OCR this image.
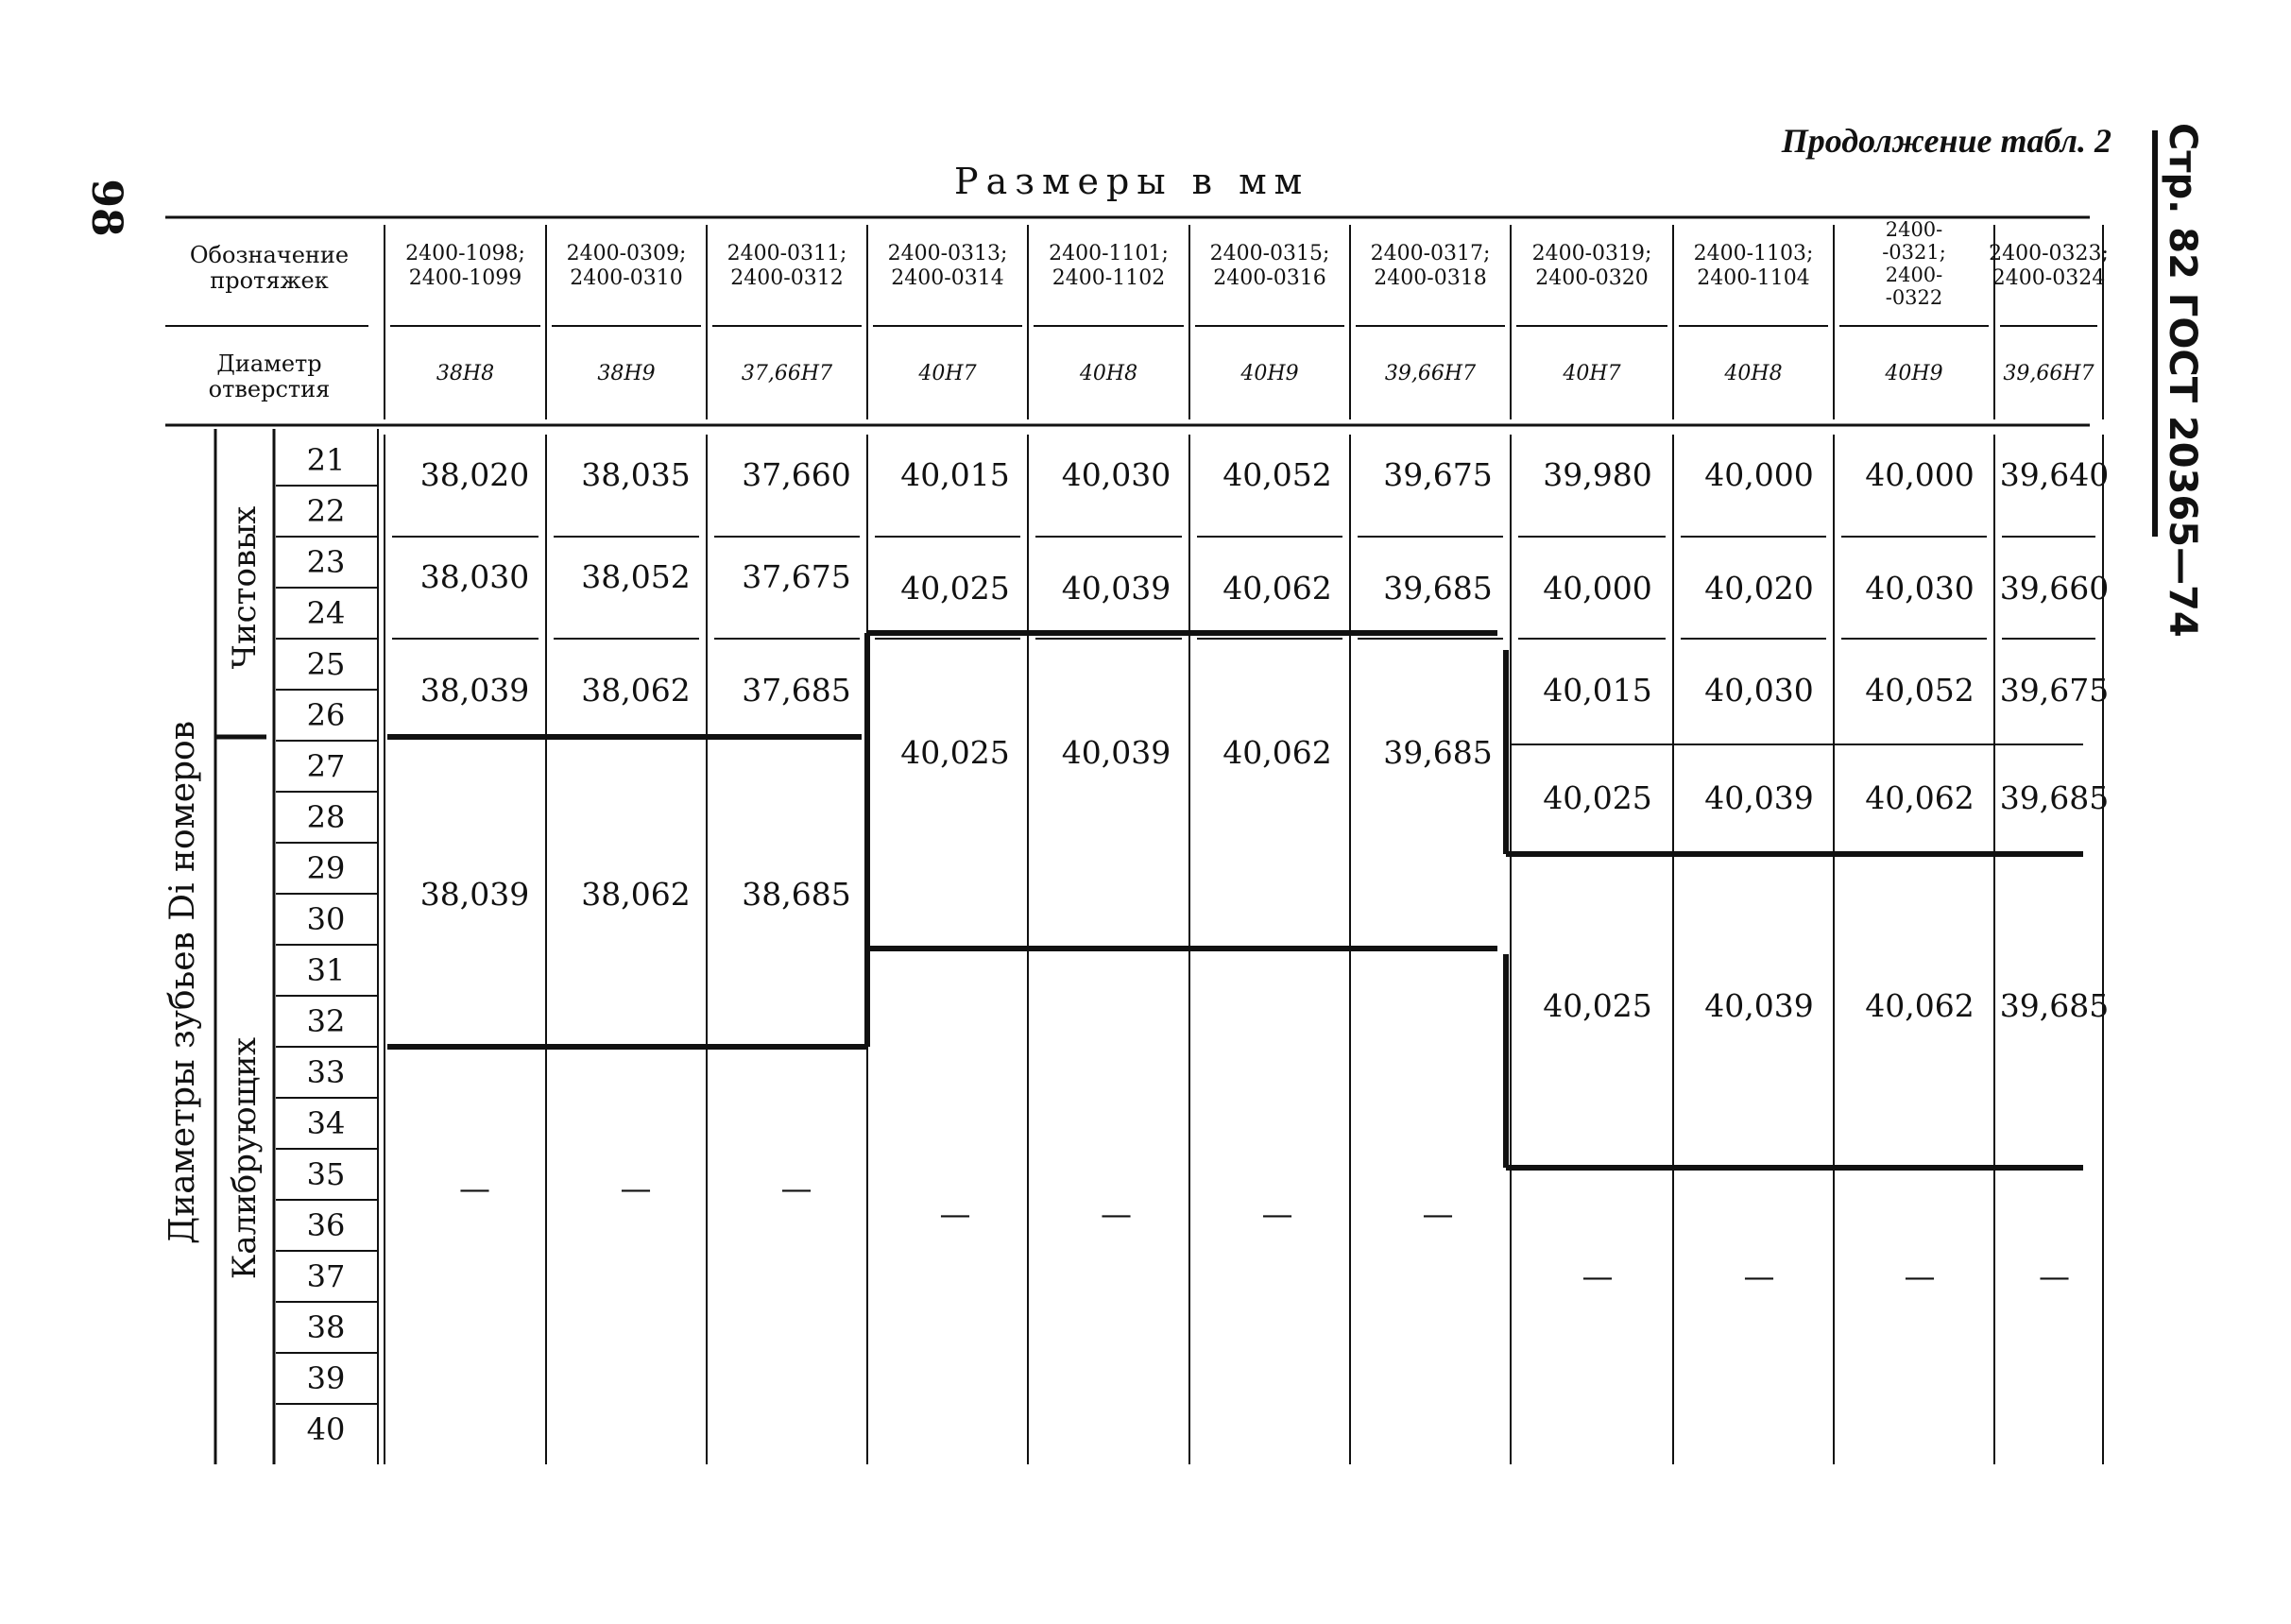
98
Продолжение табл. 2
Размеры в мм	Стр. 82 ГОСТ 20365—74
Обозначение
протяжек
Диаметр
отверстия
2400-1098;
2400-1099
38H8
2400-0309;
2400-0310
38H9
2400-0311;
2400-0312
37,66H7
2400-0313;
2400-0314
40H7
2400-1101;
2400-1102
40H8
2400-0315;
2400-0316
40H9
2400-0317;
2400-0318
39,66H7
2400-0319;
2400-0320
40H7
2400-1103;
2400-1104
40H8
2400-
-0321;
2400-
-0322
40H9
2400-0323;
2400-0324
39,66H7
Диаметры зубьев Di номеров
Чистовых
Калибрующих
21
22
23
24
25
26
27
28
29
30
31
32
33
34
35
36
37
38
39
40
38,020
38,030
38,039
38,039
—
38,035
38,052
38,062
38,062
—
37,660
37,675
37,685
38,685
—
40,015
40,025
40,025
—
40,030
40,039
40,039
—
40,052
40,062
40,062
—
39,675
39,685
39,685
—
39,980
40,000
40,015
40,025
40,025
—
40,000
40,020
40,030
40,039
40,039
—
40,000
40,030
40,052
40,062
40,062
—
39,640
39,660
39,675
39,685
39,685
—
